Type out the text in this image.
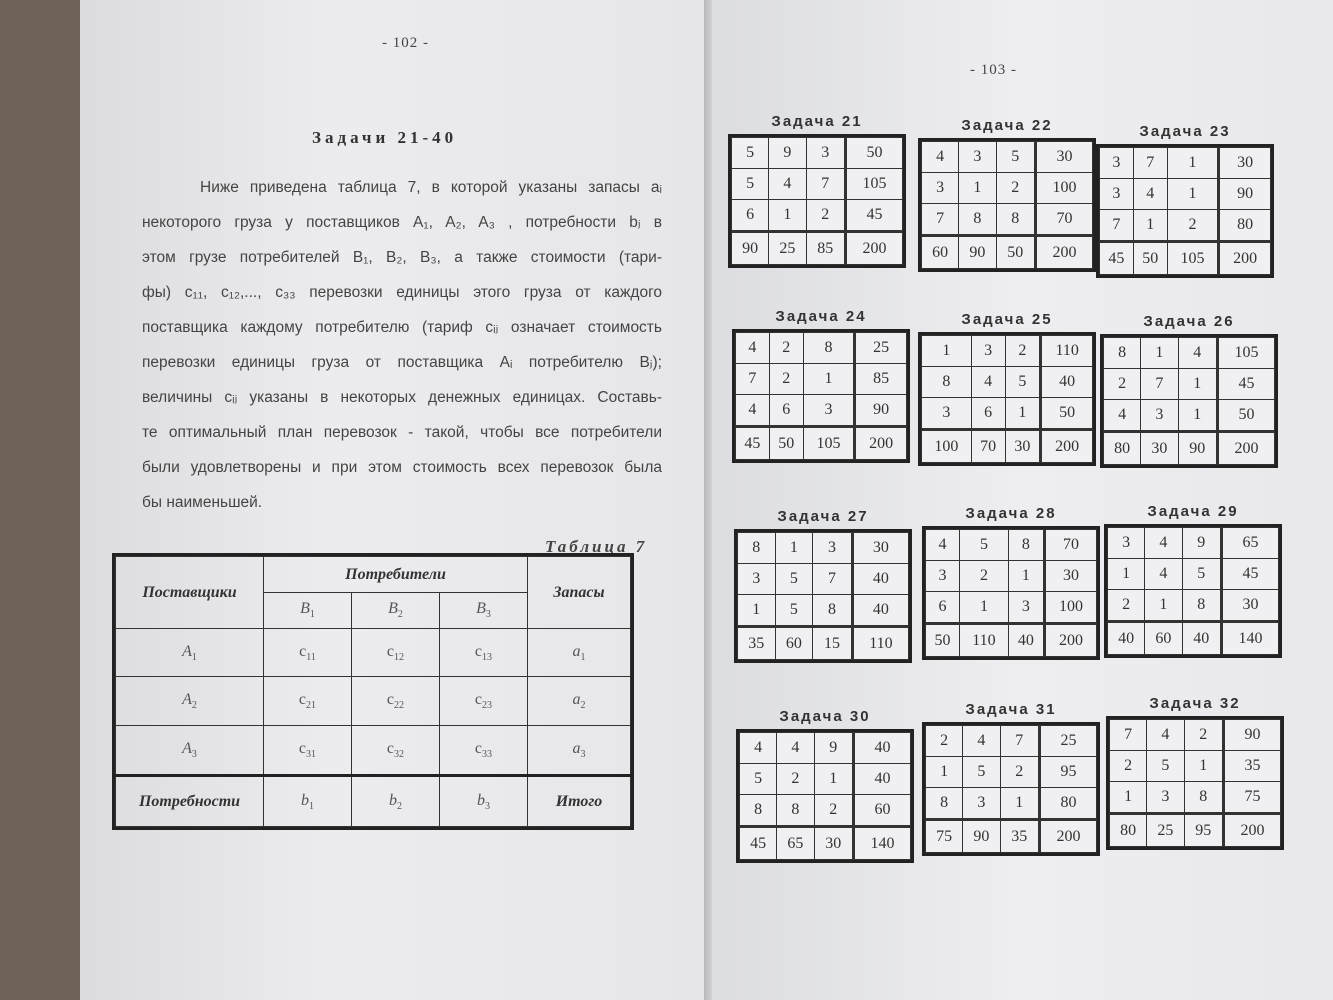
- 102 -
- 103 -
Задачи 21-40
Ниже приведена таблица 7, в которой указаны запасы aᵢ
некоторого груза у поставщиков A₁, A₂, A₃ , потребности bⱼ в
этом грузе потребителей B₁, B₂, B₃, а также стоимости (тари-
фы) c₁₁, c₁₂,..., c₃₃ перевозки единицы этого груза от каждого
поставщика каждому потребителю (тариф cᵢⱼ означает стоимость
перевозки единицы груза от поставщика Aᵢ потребителю Bⱼ);
величины cᵢⱼ указаны в некоторых денежных единицах. Составь-
те оптимальный план перевозок - такой, чтобы все потребители
были удовлетворены и при этом стоимость всех перевозок была
бы наименьшей.
Таблица 7
Поставщики	Потребители			Запасы
	$B_1$	$B_2$	$B_3$
$A_1$	$c_{11}$	$c_{12}$	$c_{13}$	$a_1$
$A_2$	$c_{21}$	$c_{22}$	$c_{23}$	$a_2$
$A_3$	$c_{31}$	$c_{32}$	$c_{33}$	$a_3$
Потребности	$b_1$	$b_2$	$b_3$	Итого
Задача 21
5	9	3	50
5	4	7	105
6	1	2	45
90	25	85	200
Задача 22
4	3	5	30
3	1	2	100
7	8	8	70
60	90	50	200
Задача 23
3	7	1	30
3	4	1	90
7	1	2	80
45	50	105	200
Задача 24
4	2	8	25
7	2	1	85
4	6	3	90
45	50	105	200
Задача 25
1	3	2	110
8	4	5	40
3	6	1	50
100	70	30	200
Задача 26
8	1	4	105
2	7	1	45
4	3	1	50
80	30	90	200
Задача 27
8	1	3	30
3	5	7	40
1	5	8	40
35	60	15	110
Задача 28
4	5	8	70
3	2	1	30
6	1	3	100
50	110	40	200
Задача 29
3	4	9	65
1	4	5	45
2	1	8	30
40	60	40	140
Задача 30
4	4	9	40
5	2	1	40
8	8	2	60
45	65	30	140
Задача 31
2	4	7	25
1	5	2	95
8	3	1	80
75	90	35	200
Задача 32
7	4	2	90
2	5	1	35
1	3	8	75
80	25	95	200
